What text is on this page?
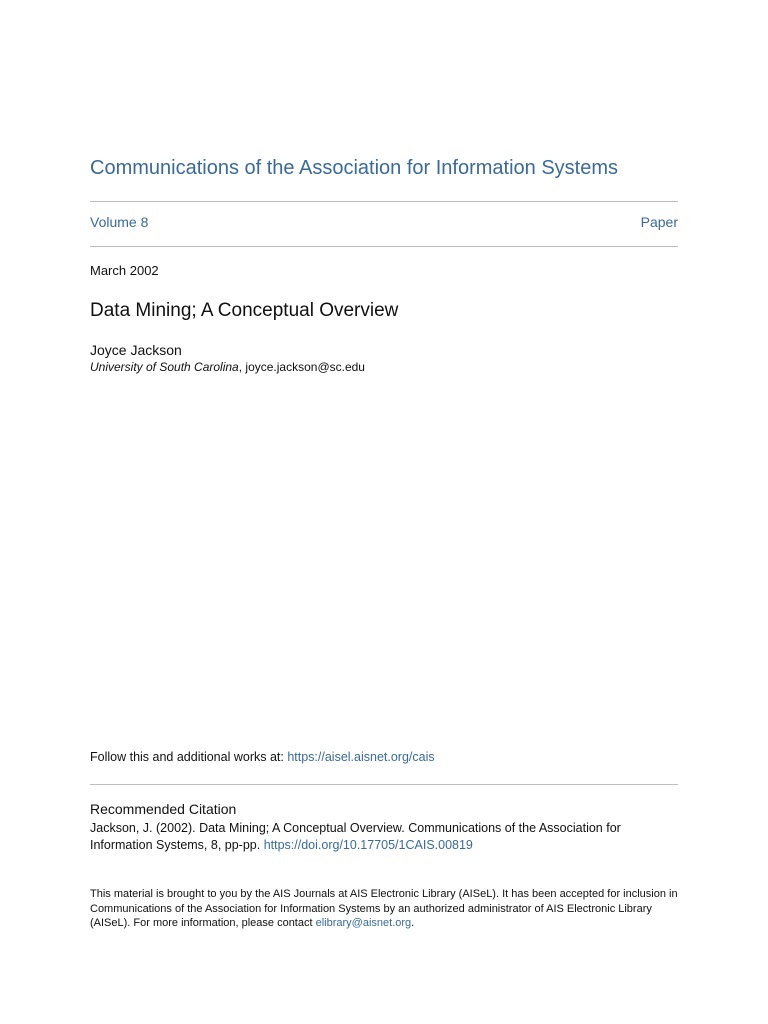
Communications of the Association for Information Systems
Volume 8	Paper
March 2002
Data Mining; A Conceptual Overview
Joyce Jackson
University of South Carolina, joyce.jackson@sc.edu
Follow this and additional works at: https://aisel.aisnet.org/cais
Recommended Citation
Jackson, J. (2002). Data Mining; A Conceptual Overview. Communications of the Association for Information Systems, 8, pp-pp. https://doi.org/10.17705/1CAIS.00819
This material is brought to you by the AIS Journals at AIS Electronic Library (AISeL). It has been accepted for inclusion in Communications of the Association for Information Systems by an authorized administrator of AIS Electronic Library (AISeL). For more information, please contact elibrary@aisnet.org.
